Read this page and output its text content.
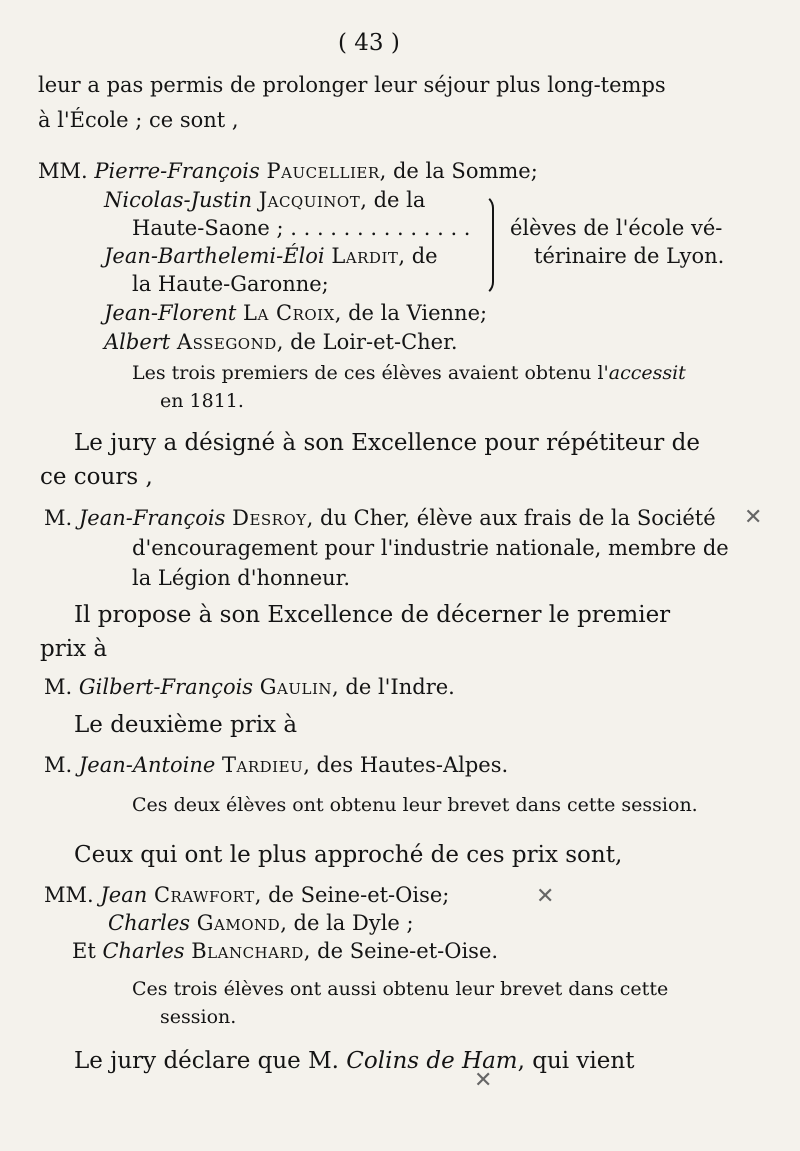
( 43 )
leur a pas permis de prolonger leur séjour plus long-temps
à l'École ; ce sont ,
MM. Pierre-François Paucellier, de la Somme;
Nicolas-Justin Jacquinot, de la
Haute-Saone ; . . . . . . . . . . . . . . élèves de l'école vé-
Jean-Barthelemi-Éloi Lardit, de	térinaire de Lyon.
la Haute-Garonne;
Jean-Florent La Croix, de la Vienne;
Albert Assegond, de Loir-et-Cher.
Les trois premiers de ces élèves avaient obtenu l'accessit
en 1811.
Le jury a désigné à son Excellence pour répétiteur de
ce cours ,
M. Jean-François Desroy, du Cher, élève aux frais de la Société
d'encouragement pour l'industrie nationale, membre de
la Légion d'honneur.
Il propose à son Excellence de décerner le premier
prix à
M. Gilbert-François Gaulin, de l'Indre.
Le deuxième prix à
M. Jean-Antoine Tardieu, des Hautes-Alpes.
Ces deux élèves ont obtenu leur brevet dans cette session.
Ceux qui ont le plus approché de ces prix sont,
MM. Jean Crawfort, de Seine-et-Oise;
Charles Gamond, de la Dyle ;
Et Charles Blanchard, de Seine-et-Oise.
Ces trois élèves ont aussi obtenu leur brevet dans cette
session.
Le jury déclare que M. Colins de Ham, qui vient
✕
✕
✕
